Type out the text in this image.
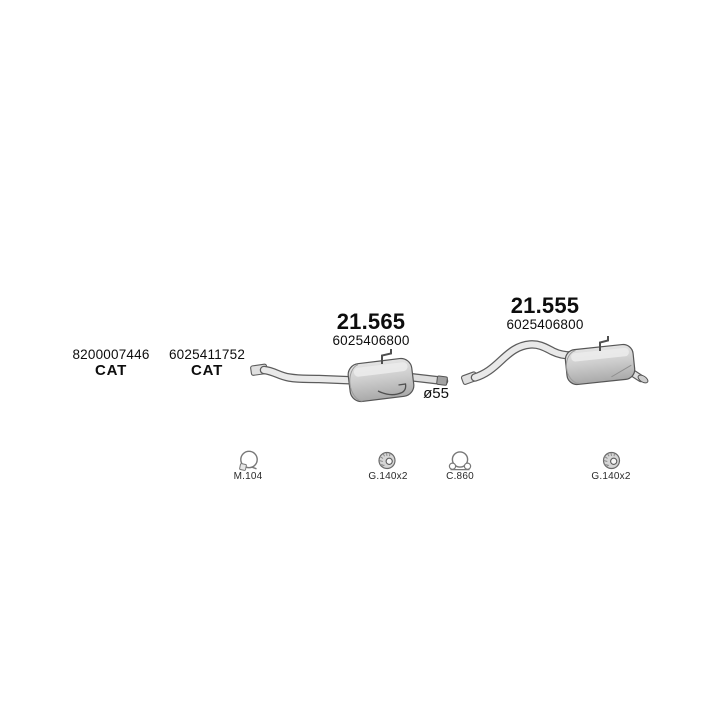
8200007446
CAT
6025411752
CAT
21.565
6025406800
21.555
6025406800
ø55
M.104	G.140x2	C.860	G.140x2
